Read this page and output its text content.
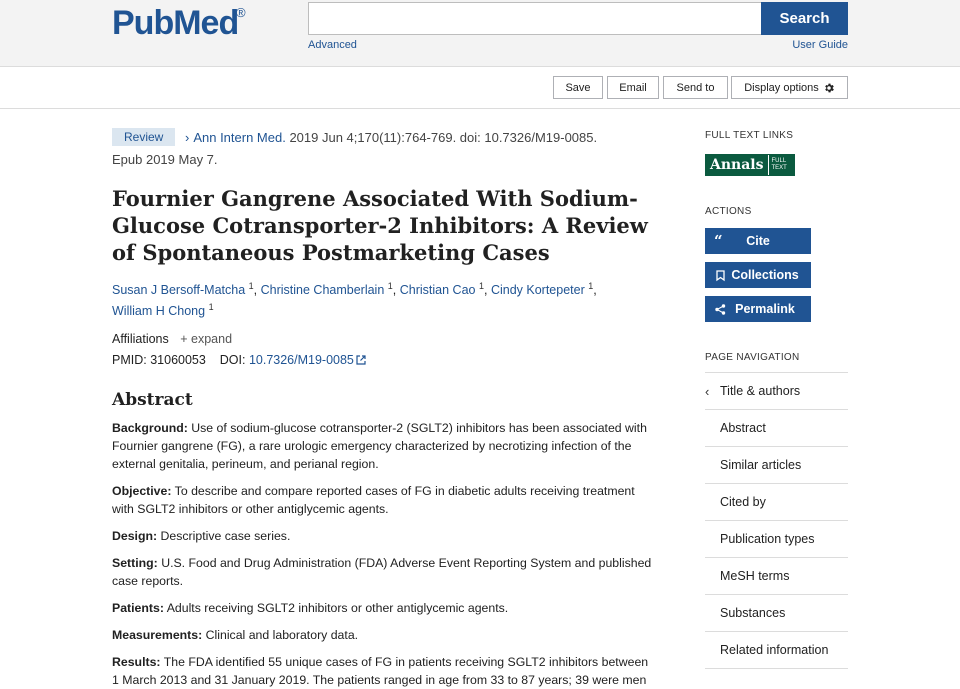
PubMed
®	Search
Advanced	User Guide
Save	Email	Send to	Display options
Review › Ann Intern Med. 2019 Jun 4;170(11):764-769. doi: 10.7326/M19-0085.
Epub 2019 May 7.
Fournier Gangrene Associated With Sodium-Glucose Cotransporter-2 Inhibitors: A Review of Spontaneous Postmarketing Cases
Susan J Bersoff-Matcha $^1$, Christine Chamberlain $^1$, Christian Cao $^1$, Cindy Kortepeter $^1$,
William H Chong $^1$
Affiliations + expand
PMID: 31060053 DOI: 10.7326/M19-0085
Abstract

Background: Use of sodium-glucose cotransporter-2 (SGLT2) inhibitors has been associated with Fournier gangrene (FG), a rare urologic emergency characterized by necrotizing infection of the external genitalia, perineum, and perianal region.

Objective: To describe and compare reported cases of FG in diabetic adults receiving treatment with SGLT2 inhibitors or other antiglycemic agents.

Design: Descriptive case series.

Setting: U.S. Food and Drug Administration (FDA) Adverse Event Reporting System and published case reports.

Patients: Adults receiving SGLT2 inhibitors or other antiglycemic agents.

Measurements: Clinical and laboratory data.

Results: The FDA identified 55 unique cases of FG in patients receiving SGLT2 inhibitors between 1 March 2013 and 31 January 2019. The patients ranged in age from 33 to 87 years; 39 were men

FULL TEXT LINKS
Annals	FULL TEXT
ACTIONS
“ Cite
Collections
Permalink
PAGE NAVIGATION
‹ Title & authors
Abstract
Similar articles
Cited by
Publication types
MeSH terms
Substances
Related information
